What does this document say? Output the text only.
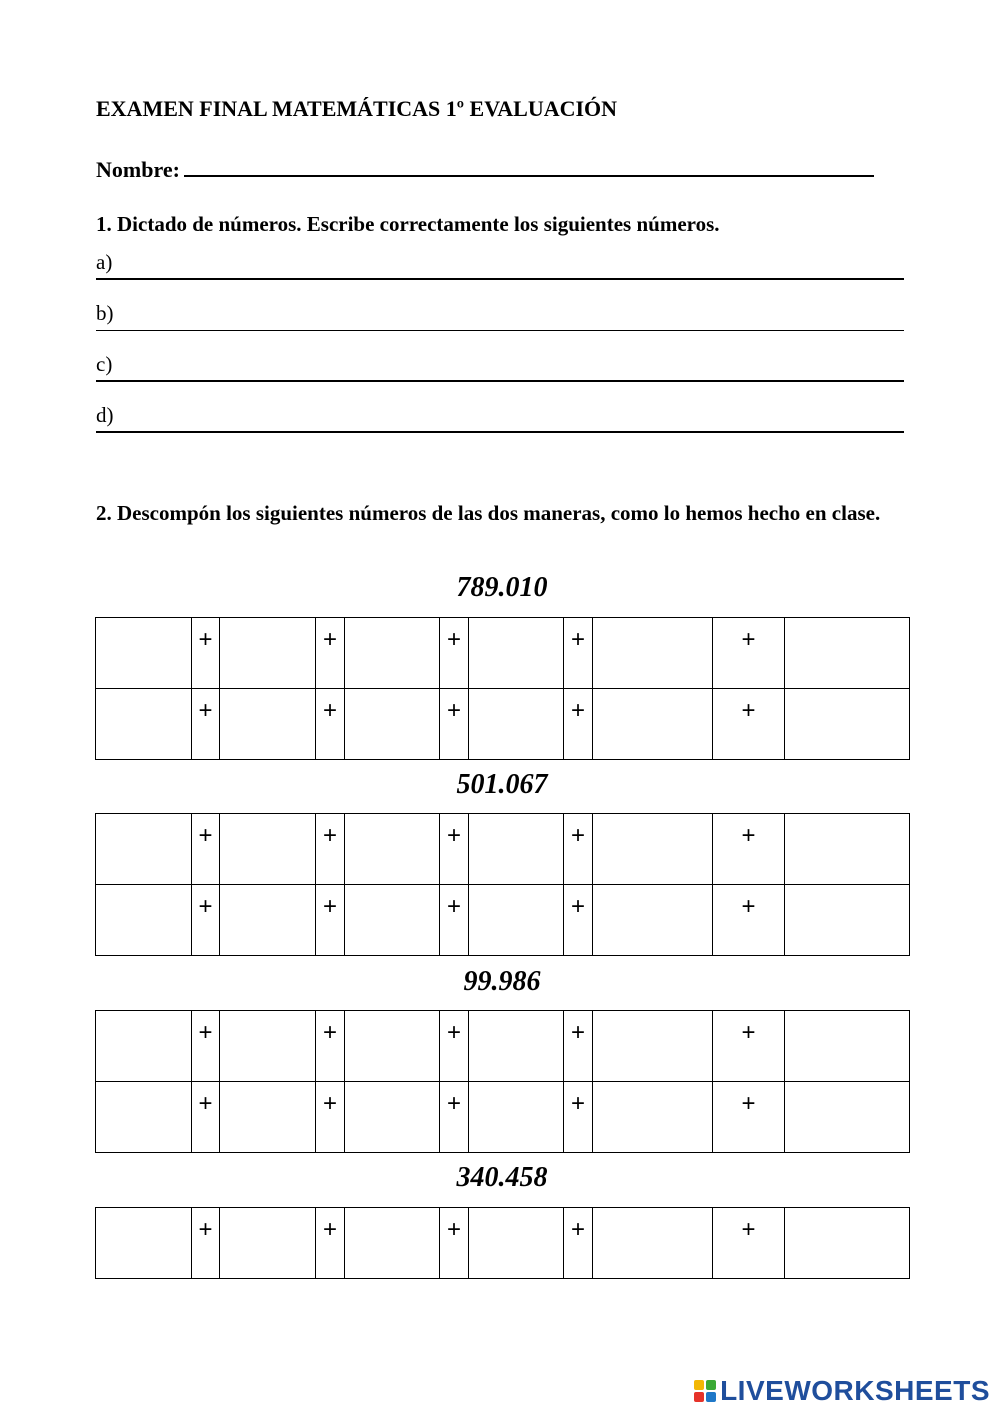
EXAMEN FINAL MATEMÁTICAS 1º EVALUACIÓN
Nombre:
1. Dictado de números. Escribe correctamente los siguientes números.
a)
b)
c)
d)
2. Descompón los siguientes números de las dos maneras, como lo hemos hecho en clase.
789.010
	+		+		+		+		+	
	+		+		+		+		+	
501.067
	+		+		+		+		+	
	+		+		+		+		+	
99.986
	+		+		+		+		+	
	+		+		+		+		+	
340.458
	+		+		+		+		+	
LIVEWORKSHEETS
